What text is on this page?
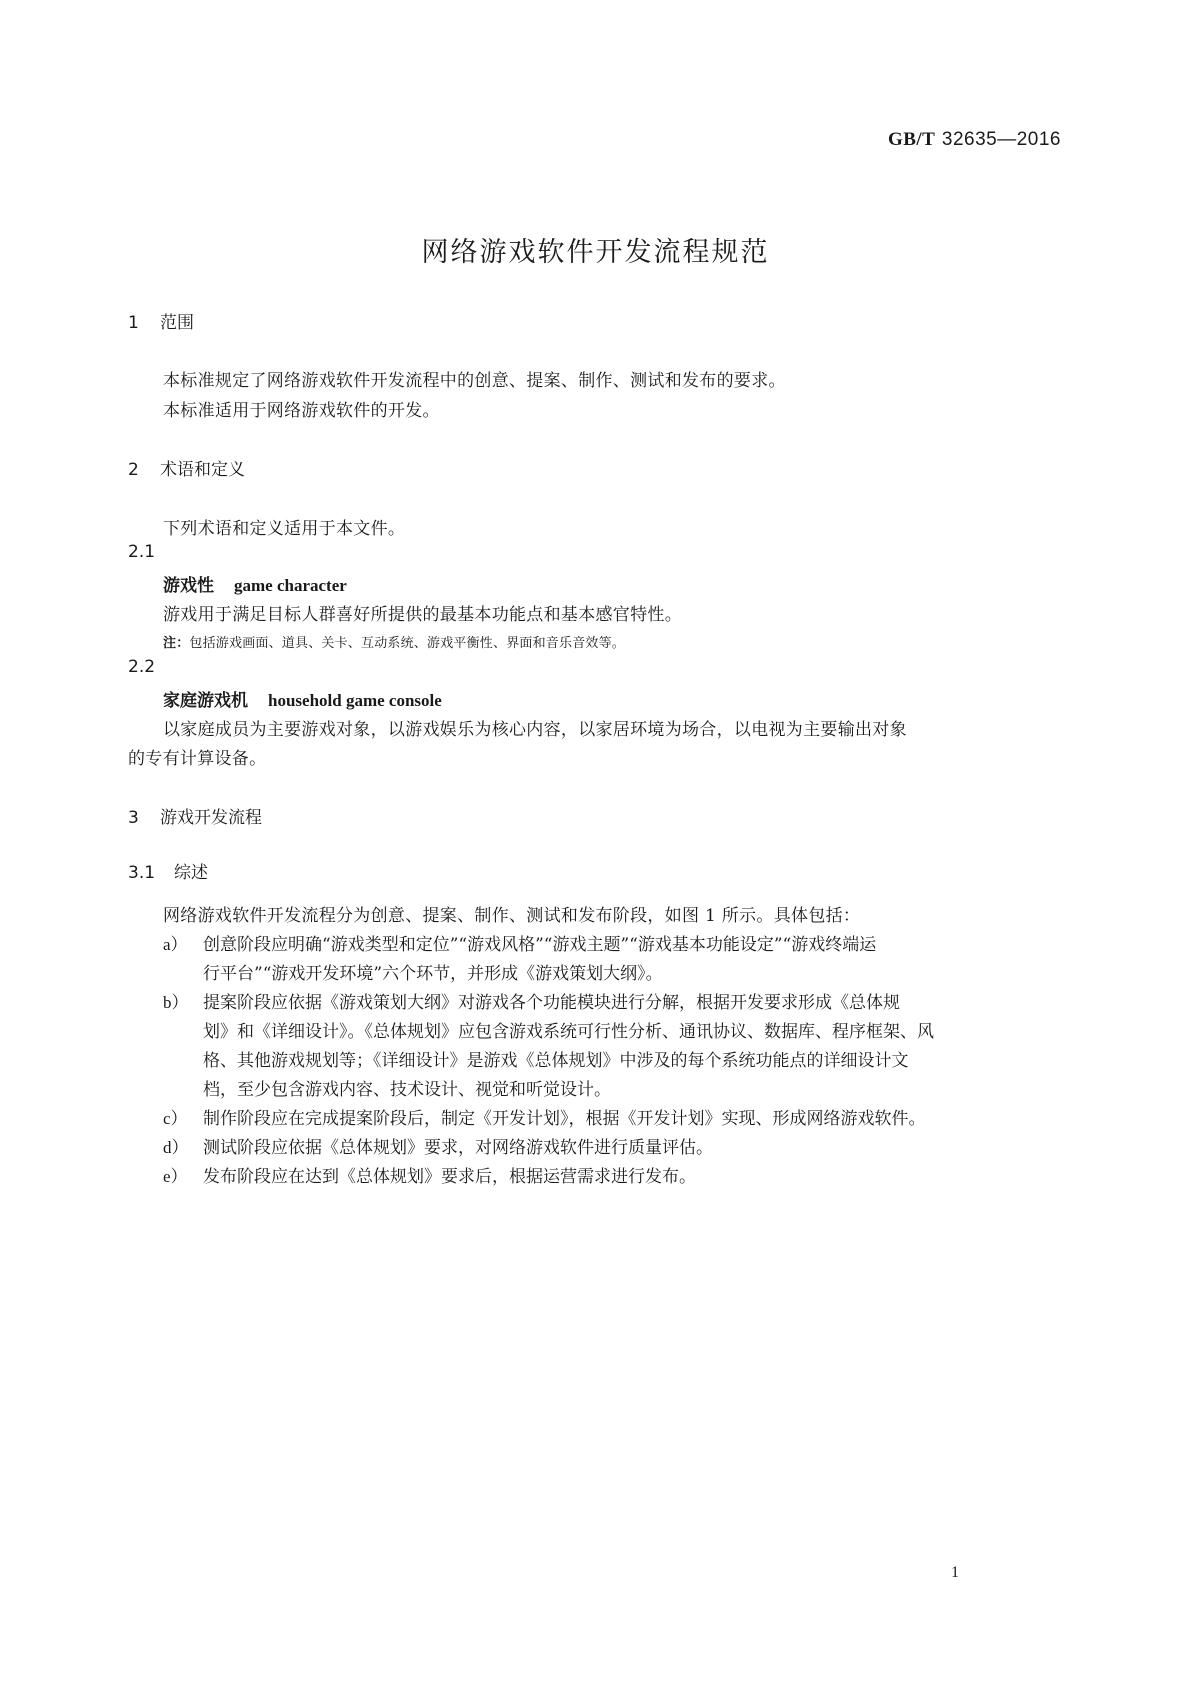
GB/T 32635—2016
网络游戏软件开发流程规范
1 范围
本标准规定了网络游戏软件开发流程中的创意、提案、制作、测试和发布的要求。
本标准适用于网络游戏软件的开发。
2 术语和定义
下列术语和定义适用于本文件。
2.1
游戏性 game character
游戏用于满足目标人群喜好所提供的最基本功能点和基本感官特性。
注：包括游戏画面、道具、关卡、互动系统、游戏平衡性、界面和音乐音效等。
2.2
家庭游戏机 household game console
以家庭成员为主要游戏对象，以游戏娱乐为核心内容，以家居环境为场合，以电视为主要输出对象
的专有计算设备。
3 游戏开发流程
3.1 综述
网络游戏软件开发流程分为创意、提案、制作、测试和发布阶段，如图 1 所示。具体包括：
a） 创意阶段应明确“游戏类型和定位”“游戏风格”“游戏主题”“游戏基本功能设定”“游戏终端运
行平台”“游戏开发环境”六个环节，并形成《游戏策划大纲》。
b） 提案阶段应依据《游戏策划大纲》对游戏各个功能模块进行分解，根据开发要求形成《总体规
划》和《详细设计》。《总体规划》应包含游戏系统可行性分析、通讯协议、数据库、程序框架、风
格、其他游戏规划等；《详细设计》是游戏《总体规划》中涉及的每个系统功能点的详细设计文
档，至少包含游戏内容、技术设计、视觉和听觉设计。
c） 制作阶段应在完成提案阶段后，制定《开发计划》，根据《开发计划》实现、形成网络游戏软件。
d） 测试阶段应依据《总体规划》要求，对网络游戏软件进行质量评估。
e） 发布阶段应在达到《总体规划》要求后，根据运营需求进行发布。
1
